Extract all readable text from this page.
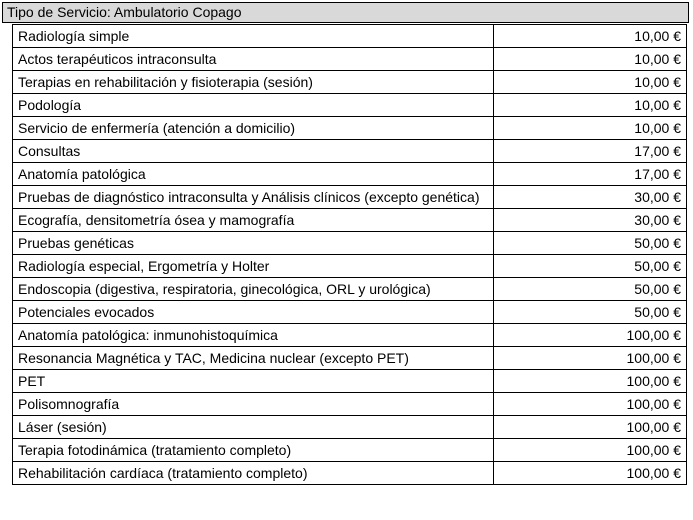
Tipo de Servicio: Ambulatorio Copago
Radiología simple	10,00 €
Actos terapéuticos intraconsulta	10,00 €
Terapias en rehabilitación y fisioterapia (sesión)	10,00 €
Podología	10,00 €
Servicio de enfermería (atención a domicilio)	10,00 €
Consultas	17,00 €
Anatomía patológica	17,00 €
Pruebas de diagnóstico intraconsulta y Análisis clínicos (excepto genética)	30,00 €
Ecografía, densitometría ósea y mamografía	30,00 €
Pruebas genéticas	50,00 €
Radiología especial, Ergometría y Holter	50,00 €
Endoscopia (digestiva, respiratoria, ginecológica, ORL y urológica)	50,00 €
Potenciales evocados	50,00 €
Anatomía patológica: inmunohistoquímica	100,00 €
Resonancia Magnética y TAC, Medicina nuclear (excepto PET)	100,00 €
PET	100,00 €
Polisomnografía	100,00 €
Láser (sesión)	100,00 €
Terapia fotodinámica (tratamiento completo)	100,00 €
Rehabilitación cardíaca (tratamiento completo)	100,00 €
